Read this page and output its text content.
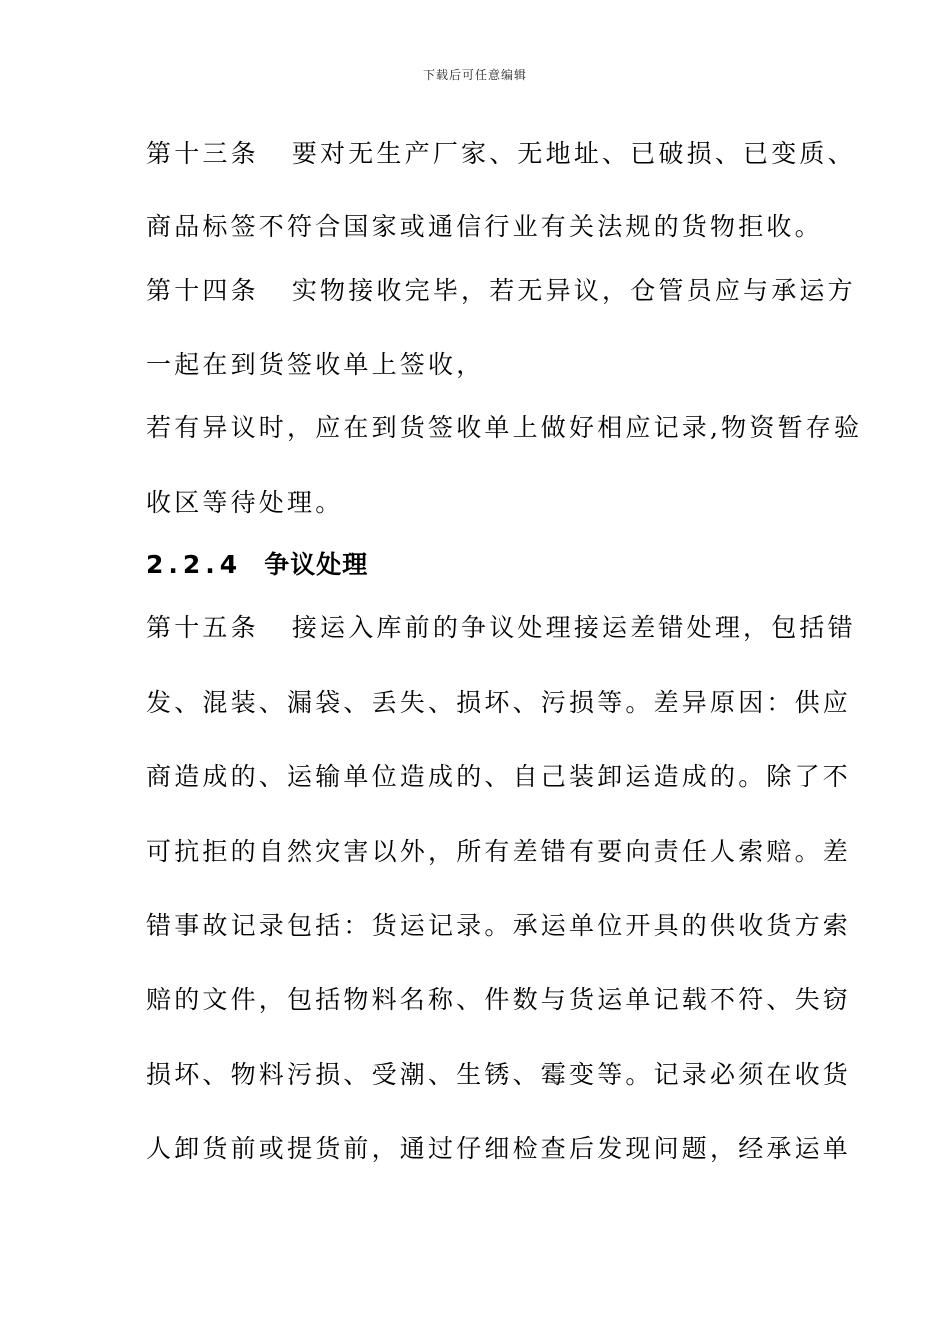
下载后可任意编辑
第十三条 要对无生产厂家、无地址、已破损、已变质、
商品标签不符合国家或通信行业有关法规的货物拒收。
第十四条 实物接收完毕，若无异议，仓管员应与承运方
一起在到货签收单上签收，
若有异议时，应在到货签收单上做好相应记录,物资暂存验
收区等待处理。
2.2.4 争议处理
第十五条 接运入库前的争议处理接运差错处理，包括错
发、混装、漏袋、丢失、损坏、污损等。差异原因：供应
商造成的、运输单位造成的、自己装卸运造成的。除了不
可抗拒的自然灾害以外，所有差错有要向责任人索赔。差
错事故记录包括：货运记录。承运单位开具的供收货方索
赔的文件，包括物料名称、件数与货运单记载不符、失窃
损坏、物料污损、受潮、生锈、霉变等。记录必须在收货
人卸货前或提货前，通过仔细检查后发现问题，经承运单
